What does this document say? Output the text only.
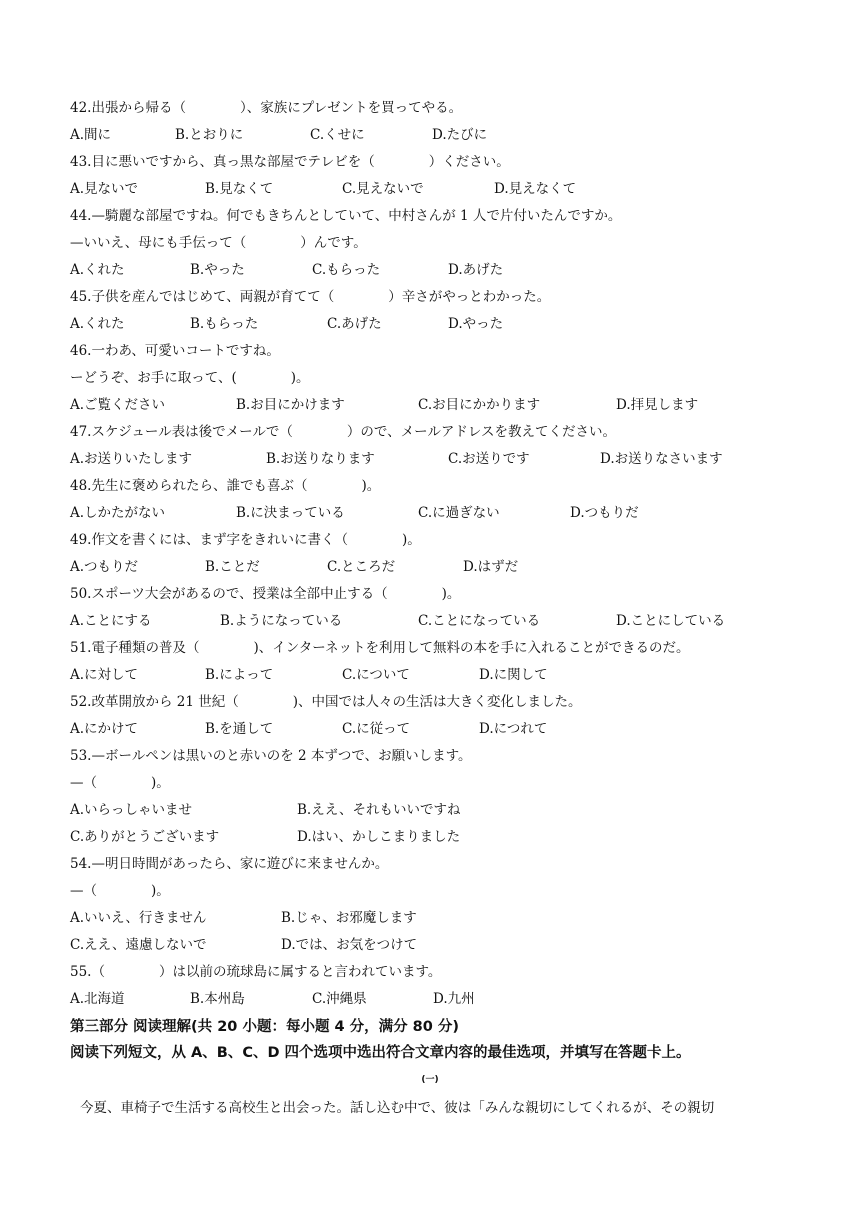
42.出張から帰る（　　　　）、家族にプレゼントを買ってやる。
A.間に	B.とおりに	C.くせに	D.たびに
43.目に悪いですから、真っ黒な部屋でテレビを（　　　　）ください。
A.見ないで	B.見なくて	C.見えないで	D.見えなくて
44.—騎麗な部屋ですね。何でもきちんとしていて、中村さんが 1 人で片付いたんですか。
—いいえ、母にも手伝って（　　　　）んです。
A.くれた	B.やった	C.もらった	D.あげた
45.子供を産んではじめて、両親が育てて（　　　　）辛さがやっとわかった。
A.くれた	B.もらった	C.あげた	D.やった
46.一わあ、可愛いコートですね。
ーどうぞ、お手に取って、(　　　　)。
A.ご覧ください	B.お目にかけます	C.お目にかかります	D.拝見します
47.スケジュール表は後でメールで（　　　　）ので、メールアドレスを教えてください。
A.お送りいたします	B.お送りなります	C.お送りです	D.お送りなさいます
48.先生に褒められたら、誰でも喜ぶ（　　　　)。
A.しかたがない	B.に決まっている	C.に過ぎない	D.つもりだ
49.作文を書くには、まず字をきれいに書く（　　　　)。
A.つもりだ	B.ことだ	C.ところだ	D.はずだ
50.スポーツ大会があるので、授業は全部中止する（　　　　)。
A.ことにする	B.ようになっている	C.ことになっている	D.ことにしている
51.電子種類の普及（　　　　)、インターネットを利用して無料の本を手に入れることができるのだ。
A.に対して	B.によって	C.について	D.に関して
52.改革開放から 21 世紀（　　　　)、中国では人々の生活は大きく変化しました。
A.にかけて	B.を通して	C.に従って	D.につれて
53.—ボールペンは黒いのと赤いのを 2 本ずつで、お願いします。
—（　　　　)。
A.いらっしゃいませ	B.ええ、それもいいですね
C.ありがとうございます	D.はい、かしこまりました
54.—明日時間があったら、家に遊びに来ませんか。
—（　　　　)。
A.いいえ、行きません	B.じゃ、お邪魔します
C.ええ、遠慮しないで	D.では、お気をつけて
55.（　　　　）は以前の琉球島に属すると言われています。
A.北海道	B.本州島	C.沖縄県	D.九州
第三部分 阅读理解(共 20 小题：每小题 4 分，满分 80 分)
阅读下列短文，从 A、B、C、D 四个选项中选出符合文章内容的最佳选项，并填写在答题卡上。
(一)
今夏、車椅子で生活する高校生と出会った。話し込む中で、彼は「みんな親切にしてくれるが、その親切
